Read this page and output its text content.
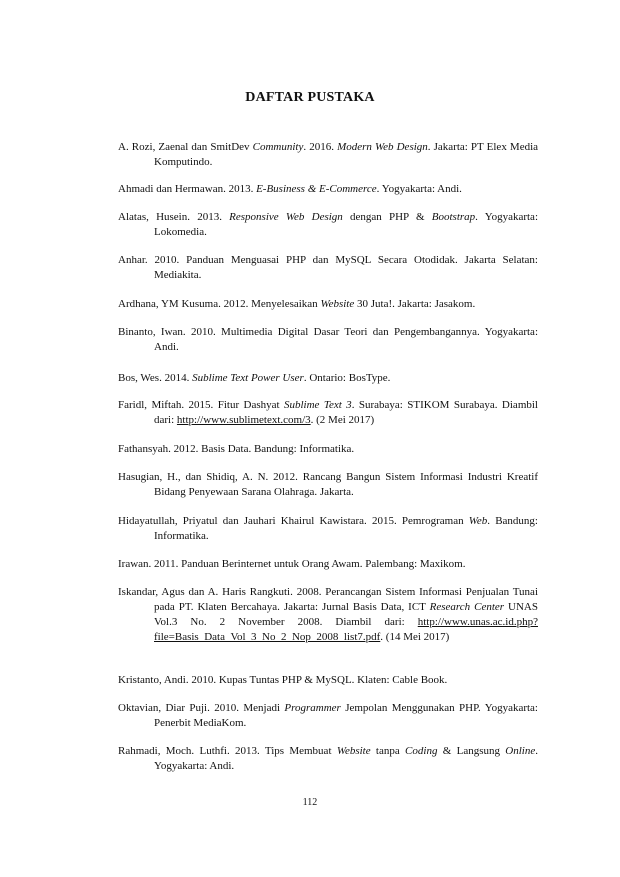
DAFTAR PUSTAKA
A. Rozi, Zaenal dan SmitDev Community. 2016. Modern Web Design. Jakarta: PT Elex Media Komputindo.
Ahmadi dan Hermawan. 2013. E-Business & E-Commerce. Yogyakarta: Andi.
Alatas, Husein. 2013. Responsive Web Design dengan PHP & Bootstrap. Yogyakarta: Lokomedia.
Anhar. 2010. Panduan Menguasai PHP dan MySQL Secara Otodidak. Jakarta Selatan: Mediakita.
Ardhana, YM Kusuma. 2012. Menyelesaikan Website 30 Juta!. Jakarta: Jasakom.
Binanto, Iwan. 2010. Multimedia Digital Dasar Teori dan Pengembangannya. Yogyakarta: Andi.
Bos, Wes. 2014. Sublime Text Power User. Ontario: BosType.
Faridl, Miftah. 2015. Fitur Dashyat Sublime Text 3. Surabaya: STIKOM Surabaya. Diambil dari: http://www.sublimetext.com/3. (2 Mei 2017)
Fathansyah. 2012. Basis Data. Bandung: Informatika.
Hasugian, H., dan Shidiq, A. N. 2012. Rancang Bangun Sistem Informasi Industri Kreatif Bidang Penyewaan Sarana Olahraga. Jakarta.
Hidayatullah, Priyatul dan Jauhari Khairul Kawistara. 2015. Pemrograman Web. Bandung: Informatika.
Irawan. 2011. Panduan Berinternet untuk Orang Awam. Palembang: Maxikom.
Iskandar, Agus dan A. Haris Rangkuti. 2008. Perancangan Sistem Informasi Penjualan Tunai pada PT. Klaten Bercahaya. Jakarta: Jurnal Basis Data, ICT Research Center UNAS Vol.3 No. 2 November 2008. Diambil dari: http://www.unas.ac.id.php?file=Basis_Data_Vol_3_No_2_Nop_2008_list7.pdf. (14 Mei 2017)
Kristanto, Andi. 2010. Kupas Tuntas PHP & MySQL. Klaten: Cable Book.
Oktavian, Diar Puji. 2010. Menjadi Programmer Jempolan Menggunakan PHP. Yogyakarta: Penerbit MediaKom.
Rahmadi, Moch. Luthfi. 2013. Tips Membuat Website tanpa Coding & Langsung Online. Yogyakarta: Andi.
112
